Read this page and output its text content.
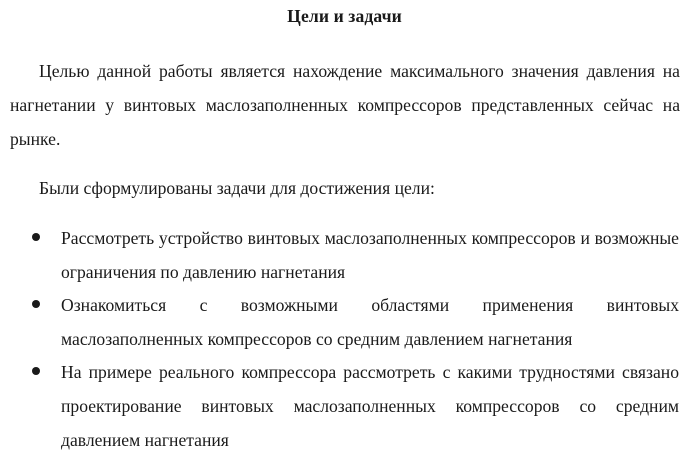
Цели и задачи

Целью данной работы является нахождение максимального значения давления на нагнетании у винтовых маслозаполненных компрессоров представленных сейчас на рынке.

Были сформулированы задачи для достижения цели:

Рассмотреть устройство винтовых маслозаполненных компрессоров и возможные ограничения по давлению нагнетания
Ознакомиться с возможными областями применения винтовых маслозаполненных компрессоров со средним давлением нагнетания
На примере реального компрессора рассмотреть с какими трудностями связано проектирование винтовых маслозаполненных компрессоров со средним давлением нагнетания
